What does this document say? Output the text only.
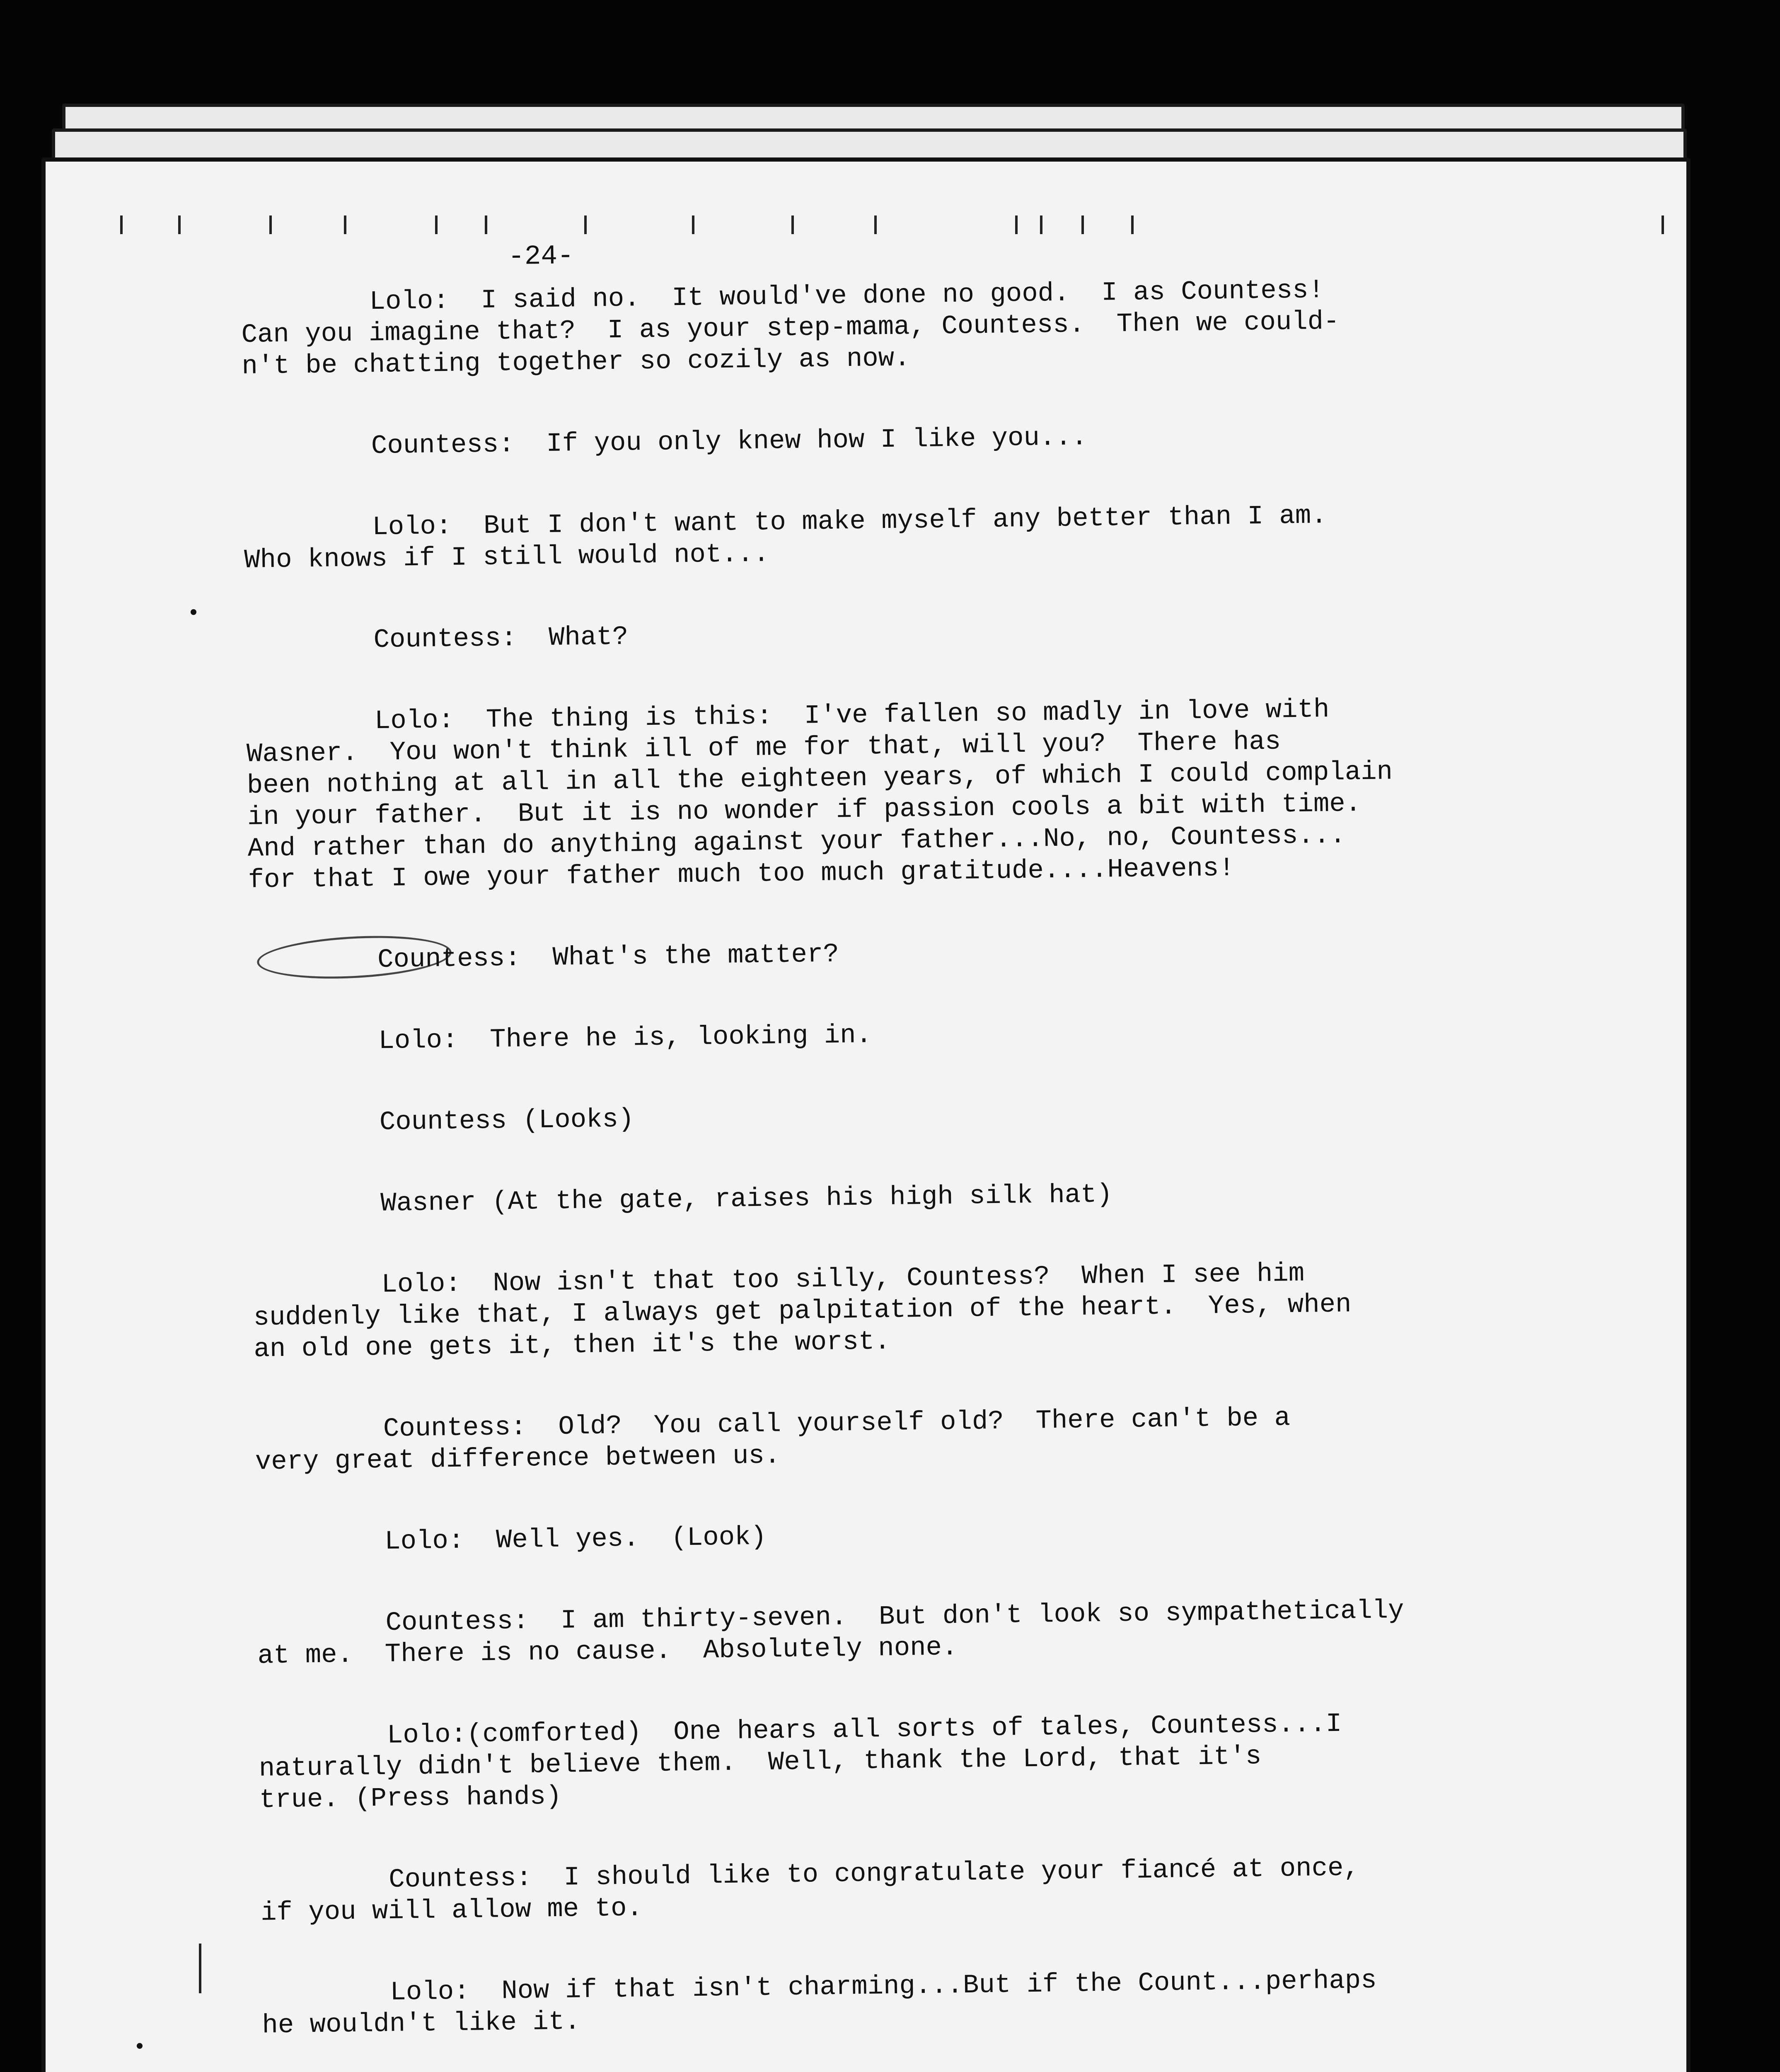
-24-
Lolo:  I said no.  It would've done no good.  I as Countess!
Can you imagine that?  I as your step-mama, Countess.  Then we could-
n't be chatting together so cozily as now.
Countess:  If you only knew how I like you...
Lolo:  But I don't want to make myself any better than I am.
Who knows if I still would not...
Countess:  What?
Lolo:  The thing is this:  I've fallen so madly in love with
Wasner.  You won't think ill of me for that, will you?  There has
been nothing at all in all the eighteen years, of which I could complain
in your father.  But it is no wonder if passion cools a bit with time.
And rather than do anything against your father...No, no, Countess...
for that I owe your father much too much gratitude....Heavens!
Countess:  What's the matter?
Lolo:  There he is, looking in.
Countess (Looks)
Wasner (At the gate, raises his high silk hat)
Lolo:  Now isn't that too silly, Countess?  When I see him
suddenly like that, I always get palpitation of the heart.  Yes, when
an old one gets it, then it's the worst.
Countess:  Old?  You call yourself old?  There can't be a
very great difference between us.
Lolo:  Well yes.  (Look)
Countess:  I am thirty-seven.  But don't look so sympathetically
at me.  There is no cause.  Absolutely none.
Lolo:(comforted)  One hears all sorts of tales, Countess...I
naturally didn't believe them.  Well, thank the Lord, that it's
true. (Press hands)
Countess:  I should like to congratulate your fiancé at once,
if you will allow me to.
Lolo:  Now if that isn't charming...But if the Count...perhaps
he wouldn't like it.
